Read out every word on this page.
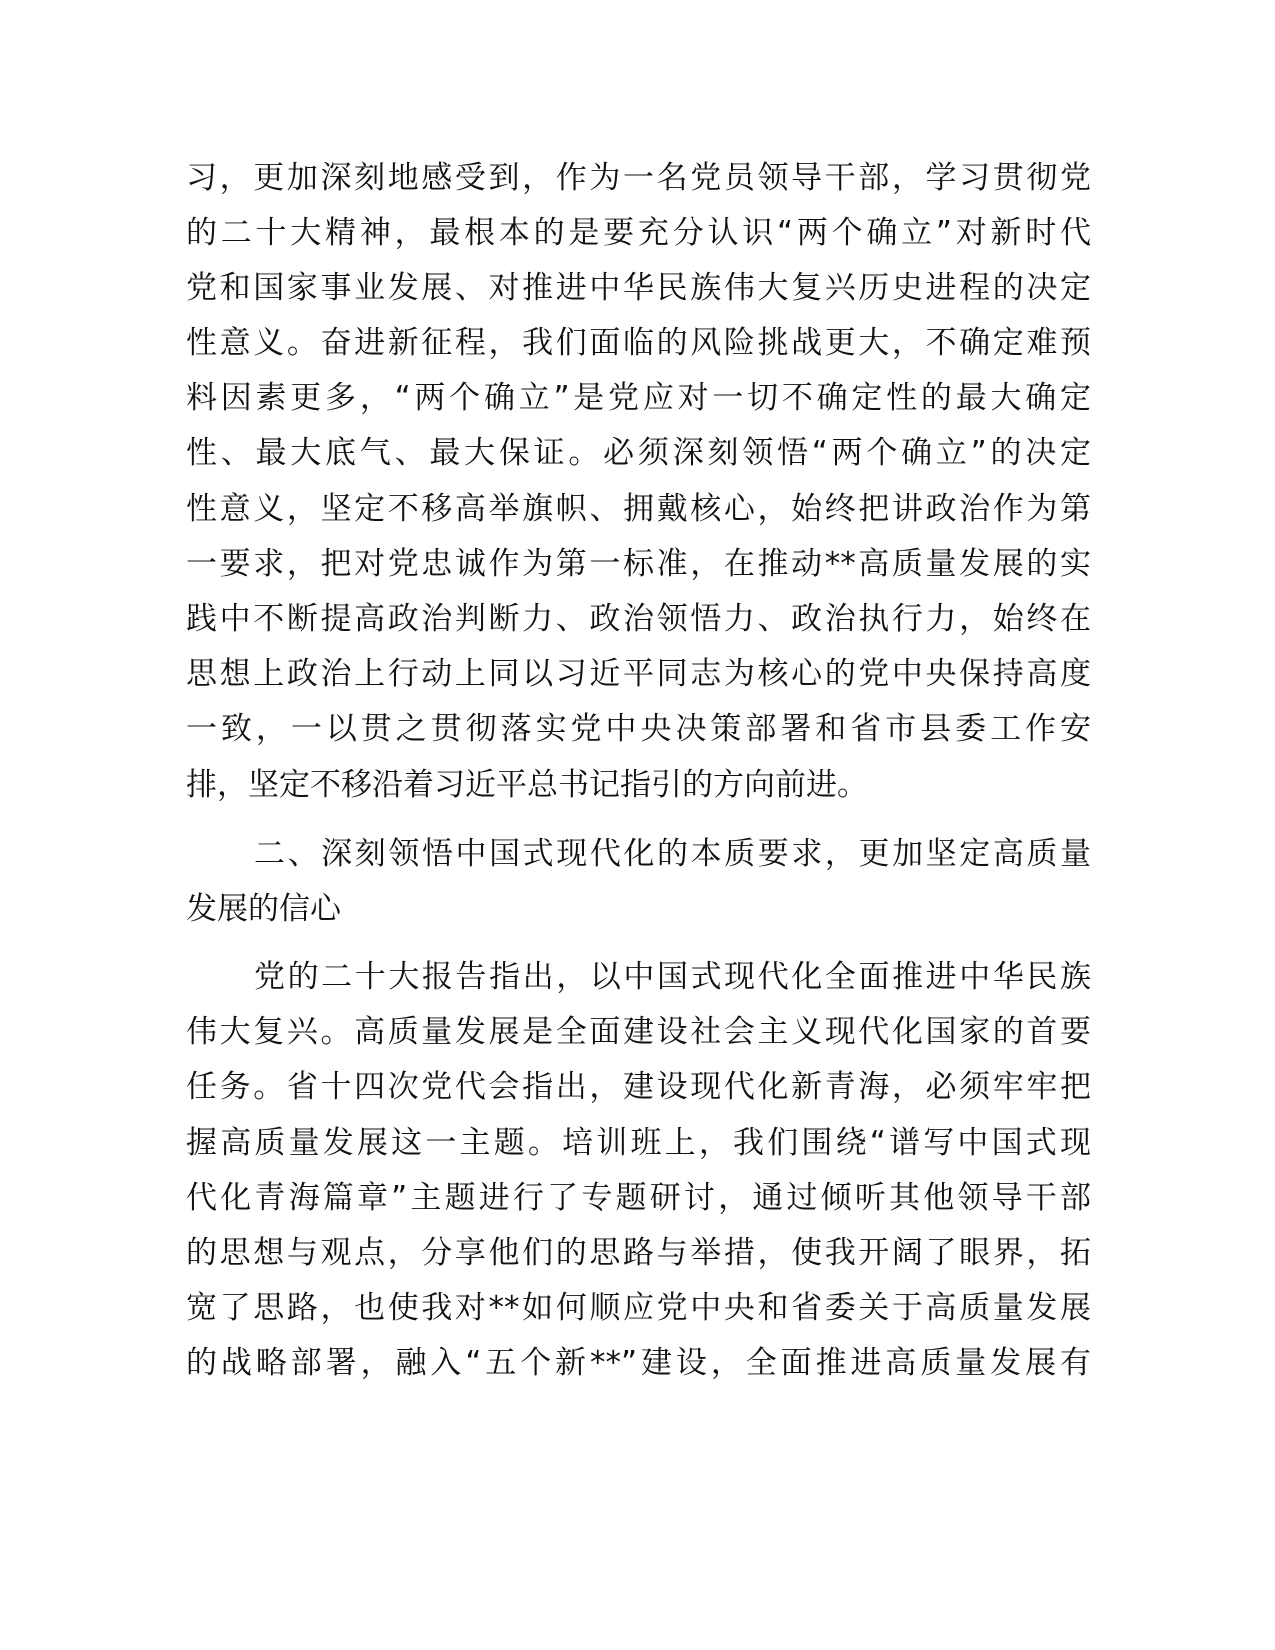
习，更加深刻地感受到，作为一名党员领导干部，学习贯彻党
的二十大精神，最根本的是要充分认识“两个确立”对新时代
党和国家事业发展、对推进中华民族伟大复兴历史进程的决定
性意义。奋进新征程，我们面临的风险挑战更大，不确定难预
料因素更多，“两个确立”是党应对一切不确定性的最大确定
性、最大底气、最大保证。必须深刻领悟“两个确立”的决定
性意义，坚定不移高举旗帜、拥戴核心，始终把讲政治作为第
一要求，把对党忠诚作为第一标准，在推动**高质量发展的实
践中不断提高政治判断力、政治领悟力、政治执行力，始终在
思想上政治上行动上同以习近平同志为核心的党中央保持高度
一致，一以贯之贯彻落实党中央决策部署和省市县委工作安
排，坚定不移沿着习近平总书记指引的方向前进。
二、深刻领悟中国式现代化的本质要求，更加坚定高质量
发展的信心
党的二十大报告指出，以中国式现代化全面推进中华民族
伟大复兴。高质量发展是全面建设社会主义现代化国家的首要
任务。省十四次党代会指出，建设现代化新青海，必须牢牢把
握高质量发展这一主题。培训班上，我们围绕“谱写中国式现
代化青海篇章”主题进行了专题研讨，通过倾听其他领导干部
的思想与观点，分享他们的思路与举措，使我开阔了眼界，拓
宽了思路，也使我对**如何顺应党中央和省委关于高质量发展
的战略部署，融入“五个新**”建设，全面推进高质量发展有
